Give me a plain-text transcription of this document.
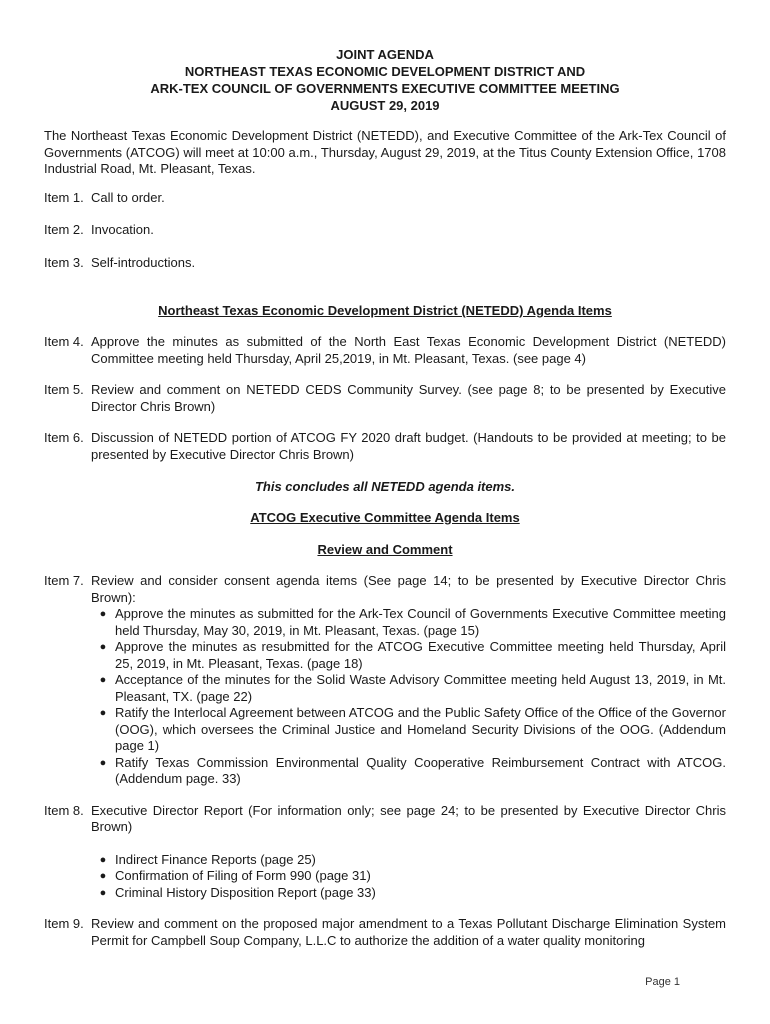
JOINT AGENDA
NORTHEAST TEXAS ECONOMIC DEVELOPMENT DISTRICT AND
ARK-TEX COUNCIL OF GOVERNMENTS EXECUTIVE COMMITTEE MEETING
AUGUST 29, 2019
The Northeast Texas Economic Development District (NETEDD), and Executive Committee of the Ark-Tex Council of Governments (ATCOG) will meet at 10:00 a.m., Thursday, August 29, 2019, at the Titus County Extension Office, 1708 Industrial Road, Mt. Pleasant, Texas.
Item 1. Call to order.
Item 2. Invocation.
Item 3. Self-introductions.
Northeast Texas Economic Development District (NETEDD) Agenda Items
Item 4. Approve the minutes as submitted of the North East Texas Economic Development District (NETEDD) Committee meeting held Thursday, April 25,2019, in Mt. Pleasant, Texas. (see page 4)
Item 5. Review and comment on NETEDD CEDS Community Survey. (see page 8; to be presented by Executive Director Chris Brown)
Item 6. Discussion of NETEDD portion of ATCOG FY 2020 draft budget. (Handouts to be provided at meeting; to be presented by Executive Director Chris Brown)
This concludes all NETEDD agenda items.
ATCOG Executive Committee Agenda Items
Review and Comment
Item 7. Review and consider consent agenda items (See page 14; to be presented by Executive Director Chris Brown):
● Approve the minutes as submitted for the Ark-Tex Council of Governments Executive Committee meeting held Thursday, May 30, 2019, in Mt. Pleasant, Texas. (page 15)
● Approve the minutes as resubmitted for the ATCOG Executive Committee meeting held Thursday, April 25, 2019, in Mt. Pleasant, Texas. (page 18)
● Acceptance of the minutes for the Solid Waste Advisory Committee meeting held August 13, 2019, in Mt. Pleasant, TX. (page 22)
● Ratify the Interlocal Agreement between ATCOG and the Public Safety Office of the Office of the Governor (OOG), which oversees the Criminal Justice and Homeland Security Divisions of the OOG. (Addendum page 1)
● Ratify Texas Commission Environmental Quality Cooperative Reimbursement Contract with ATCOG. (Addendum page. 33)
Item 8. Executive Director Report (For information only; see page 24; to be presented by Executive Director Chris Brown)
● Indirect Finance Reports (page 25)
● Confirmation of Filing of Form 990 (page 31)
● Criminal History Disposition Report (page 33)
Item 9. Review and comment on the proposed major amendment to a Texas Pollutant Discharge Elimination System Permit for Campbell Soup Company, L.L.C to authorize the addition of a water quality monitoring
Page 1
